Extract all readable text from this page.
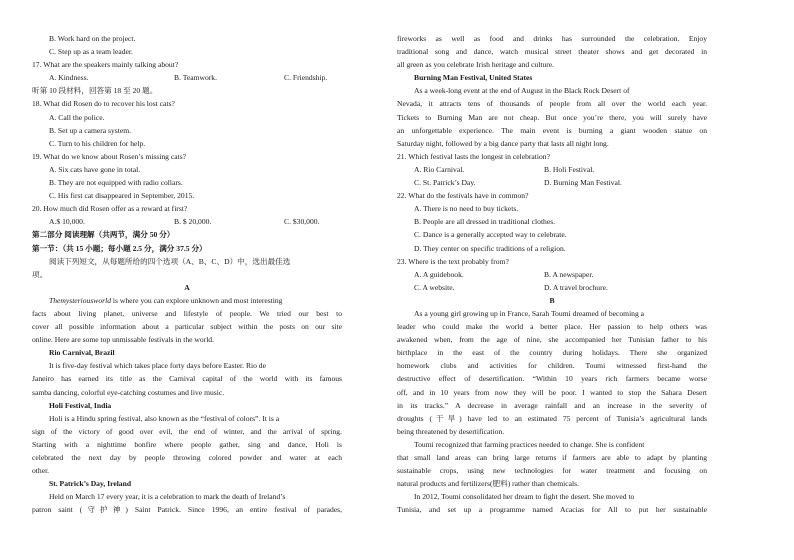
B. Work hard on the project.
C. Step up as a team leader.
17. What are the speakers mainly talking about?
A. Kindness.	B. Teamwork.	C. Friendship.
听第 10 段材料，回答第 18 至 20 题。
18. What did Rosen do to recover his lost cats?
A. Call the police.
B. Set up a camera system.
C. Turn to his children for help.
19. What do we know about Rosen’s missing cats?
A. Six cats have gone in total.
B. They are not equipped with radio collars.
C. His first cat disappeared in September, 2015.
20. How much did Rosen offer as a reward at first?
A.$ 10,000.	B. $ 20,000.	C. $30,000.
第二部分 阅读理解（共两节，满分 50 分）
第一节：（共 15 小题；每小题 2.5 分，满分 37.5 分）
阅读下列短文，从每题所给的四个选项（A、B、C、D）中，选出最佳选
项。
A
Themysteriousworld is where you can explore unknown and most interesting
facts about living planet, universe and lifestyle of people. We tried our best to
cover all possible information about a particular subject within the posts on our site
online. Here are some top unmissable festivals in the world.
Rio Carnival, Brazil
It is five-day festival which takes place forty days before Easter. Rio de
Janeiro has earned its title as the Carnival capital of the world with its famous
samba dancing, colorful eye-catching costumes and live music.
Holi Festival, India
Holi is a Hindu spring festival, also known as the “festival of colors”. It is a
sign of the victory of good over evil, the end of winter, and the arrival of spring.
Starting with a nighttime bonfire where people gather, sing and dance, Holi is
celebrated the next day by people throwing colored powder and water at each
other.
St. Patrick’s Day, Ireland
Held on March 17 every year, it is a celebration to mark the death of Ireland’s
patron saint (守护神) Saint Patrick. Since 1996, an entire festival of parades,
fireworks as well as food and drinks has surrounded the celebration. Enjoy
traditional song and dance, watch musical street theater shows and get decorated in
all green as you celebrate Irish heritage and culture.
Burning Man Festival, United States
As a week-long event at the end of August in the Black Rock Desert of
Nevada, it attracts tens of thousands of people from all over the world each year.
Tickets to Burning Man are not cheap. But once you’re there, you will surely have
an unforgettable experience. The main event is burning a giant wooden statue on
Saturday night, followed by a big dance party that lasts all night long.
21. Which festival lasts the longest in celebration?
A. Rio Carnival.	B. Holi Festival.
C. St. Patrick’s Day.	D. Burning Man Festival.
22. What do the festivals have in common?
A. There is no need to buy tickets.
B. People are all dressed in traditional clothes.
C. Dance is a generally accepted way to celebrate.
D. They center on specific traditions of a religion.
23. Where is the text probably from?
A. A guidebook.	B. A newspaper.
C. A website.	D. A travel brochure.
B
As a young girl growing up in France, Sarah Toumi dreamed of becoming a
leader who could make the world a better place. Her passion to help others was
awakened when, from the age of nine, she accompanied her Tunisian father to his
birthplace in the east of the country during holidays. There she organized
homework clubs and activities for children. Toumi witnessed first-hand the
destructive effect of desertification. “Within 10 years rich farmers became worse
off, and in 10 years from now they will be poor. I wanted to stop the Sahara Desert
in its tracks.” A decrease in average rainfall and an increase in the severity of
droughts (干旱) have led to an estimated 75 percent of Tunisia’s agricultural lands
being threatened by desertification.
Toumi recognized that farming practices needed to change. She is confident
that small land areas can bring large returns if farmers are able to adapt by planting
sustainable crops, using new technologies for water treatment and focusing on
natural products and fertilizers(肥料) rather than chemicals.
In 2012, Toumi consolidated her dream to fight the desert. She moved to
Tunisia, and set up a programme named Acacias for All to put her sustainable
